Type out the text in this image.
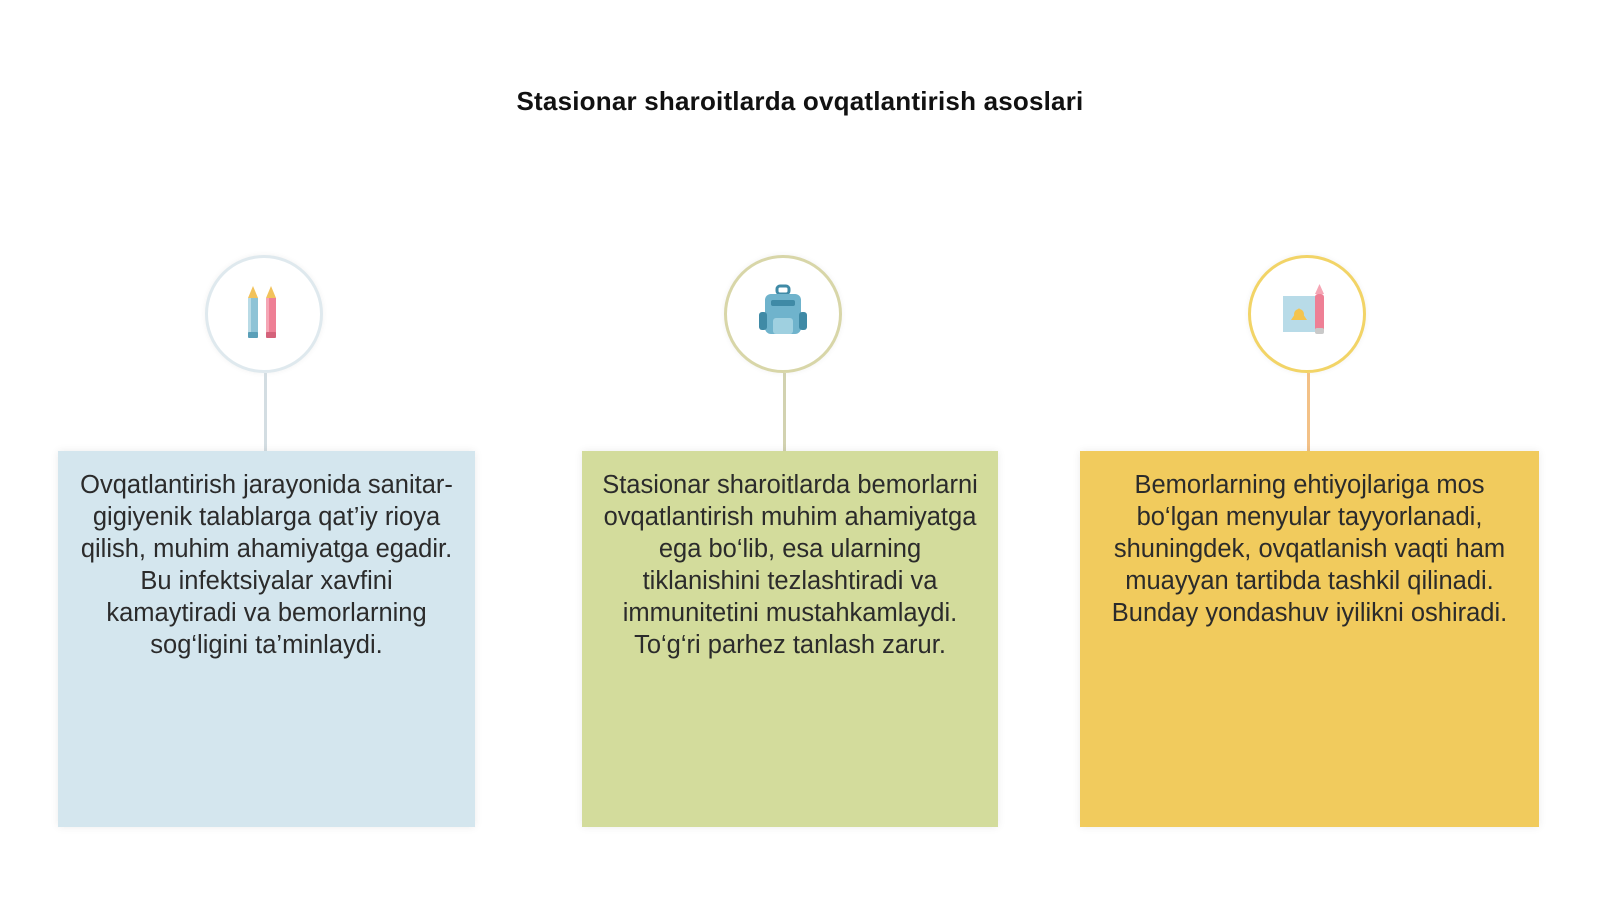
Stasionar sharoitlarda ovqatlantirish asoslari
Ovqatlantirish jarayonida sanitar-gigiyenik talablarga qat’iy rioya qilish, muhim ahamiyatga egadir. Bu infektsiyalar xavfini kamaytiradi va bemorlarning sog‘ligini ta’minlaydi.
Stasionar sharoitlarda bemorlarni ovqatlantirish muhim ahamiyatga ega bo‘lib, esa ularning tiklanishini tezlashtiradi va immunitetini mustahkamlaydi. To‘g‘ri parhez tanlash zarur.
Bemorlarning ehtiyojlariga mos bo‘lgan menyular tayyorlanadi, shuningdek, ovqatlanish vaqti ham muayyan tartibda tashkil qilinadi. Bunday yondashuv iyilikni oshiradi.
